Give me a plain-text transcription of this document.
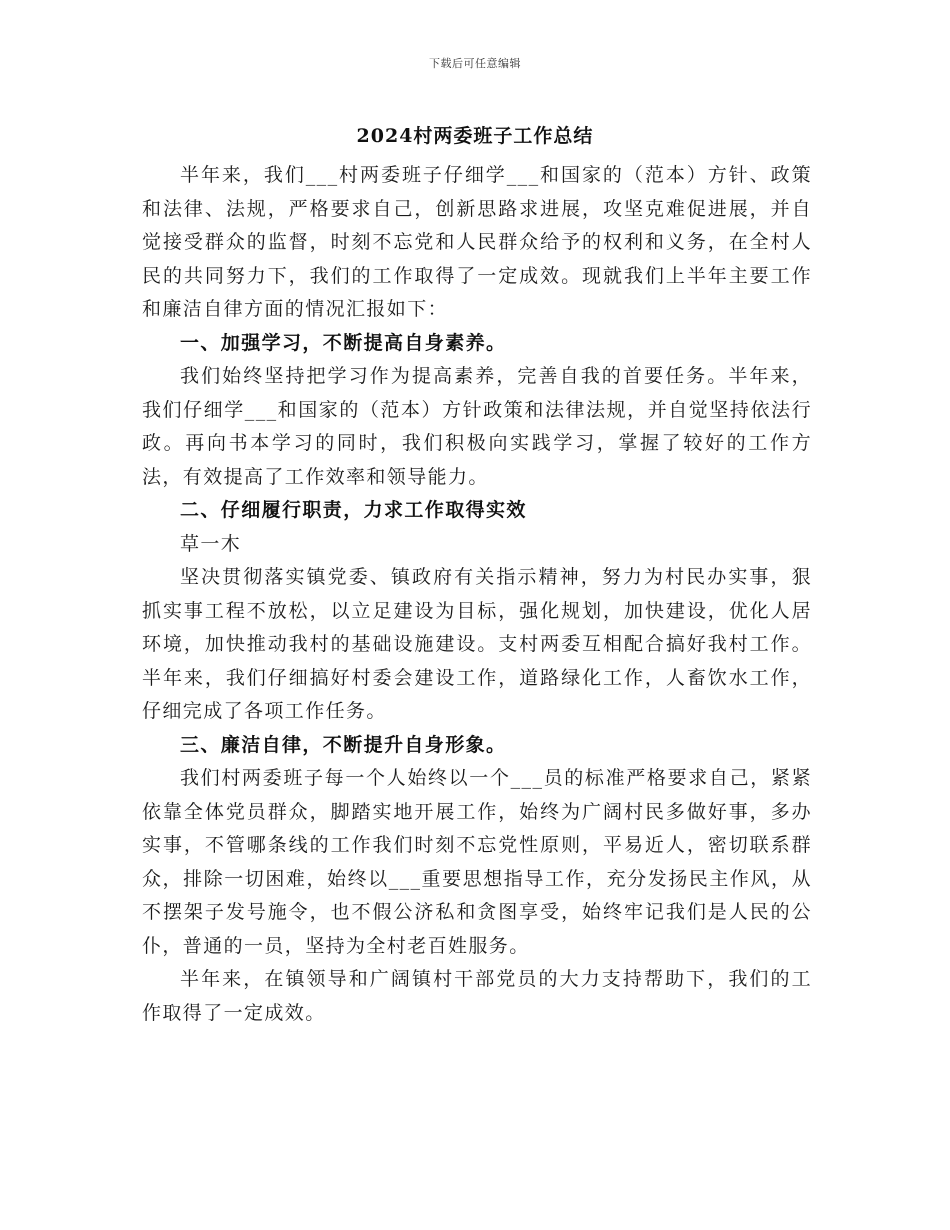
下载后可任意编辑
2024村两委班子工作总结

半年来，我们___村两委班子仔细学___和国家的（范本）方针、政策和法律、法规，严格要求自己，创新思路求进展，攻坚克难促进展，并自觉接受群众的监督，时刻不忘党和人民群众给予的权利和义务，在全村人民的共同努力下，我们的工作取得了一定成效。现就我们上半年主要工作和廉洁自律方面的情况汇报如下：

一、加强学习，不断提高自身素养。

我们始终坚持把学习作为提高素养，完善自我的首要任务。半年来，我们仔细学___和国家的（范本）方针政策和法律法规，并自觉坚持依法行政。再向书本学习的同时，我们积极向实践学习，掌握了较好的工作方法，有效提高了工作效率和领导能力。

二、仔细履行职责，力求工作取得实效

草一木

坚决贯彻落实镇党委、镇政府有关指示精神，努力为村民办实事，狠抓实事工程不放松，以立足建设为目标，强化规划，加快建设，优化人居环境，加快推动我村的基础设施建设。支村两委互相配合搞好我村工作。半年来，我们仔细搞好村委会建设工作，道路绿化工作，人畜饮水工作，仔细完成了各项工作任务。

三、廉洁自律，不断提升自身形象。

我们村两委班子每一个人始终以一个___员的标准严格要求自己，紧紧依靠全体党员群众，脚踏实地开展工作，始终为广阔村民多做好事，多办实事，不管哪条线的工作我们时刻不忘党性原则，平易近人，密切联系群众，排除一切困难，始终以___重要思想指导工作，充分发扬民主作风，从不摆架子发号施令，也不假公济私和贪图享受，始终牢记我们是人民的公仆，普通的一员，坚持为全村老百姓服务。

半年来，在镇领导和广阔镇村干部党员的大力支持帮助下，我们的工作取得了一定成效。
